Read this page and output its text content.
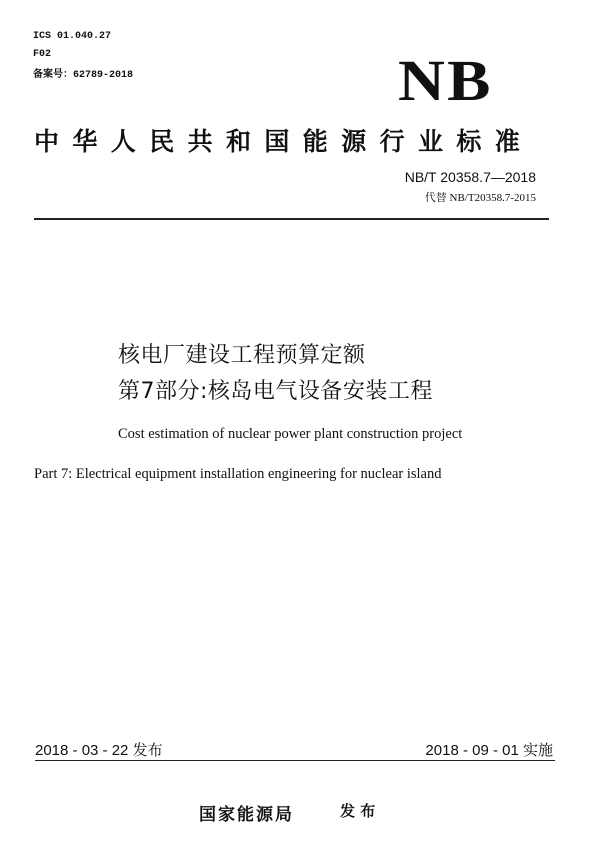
ICS 01.040.27
F02
备案号：62789-2018	NB
中华人民共和国能源行业标准
NB/T 20358.7—2018
代替 NB/T20358.7-2015
核电厂建设工程预算定额
第7部分:核岛电气设备安装工程
Cost estimation of nuclear power plant construction project
Part 7: Electrical equipment installation engineering for nuclear island
2018 - 03 - 22 发布	2018 - 09 - 01 实施
国家能源局	发 布
